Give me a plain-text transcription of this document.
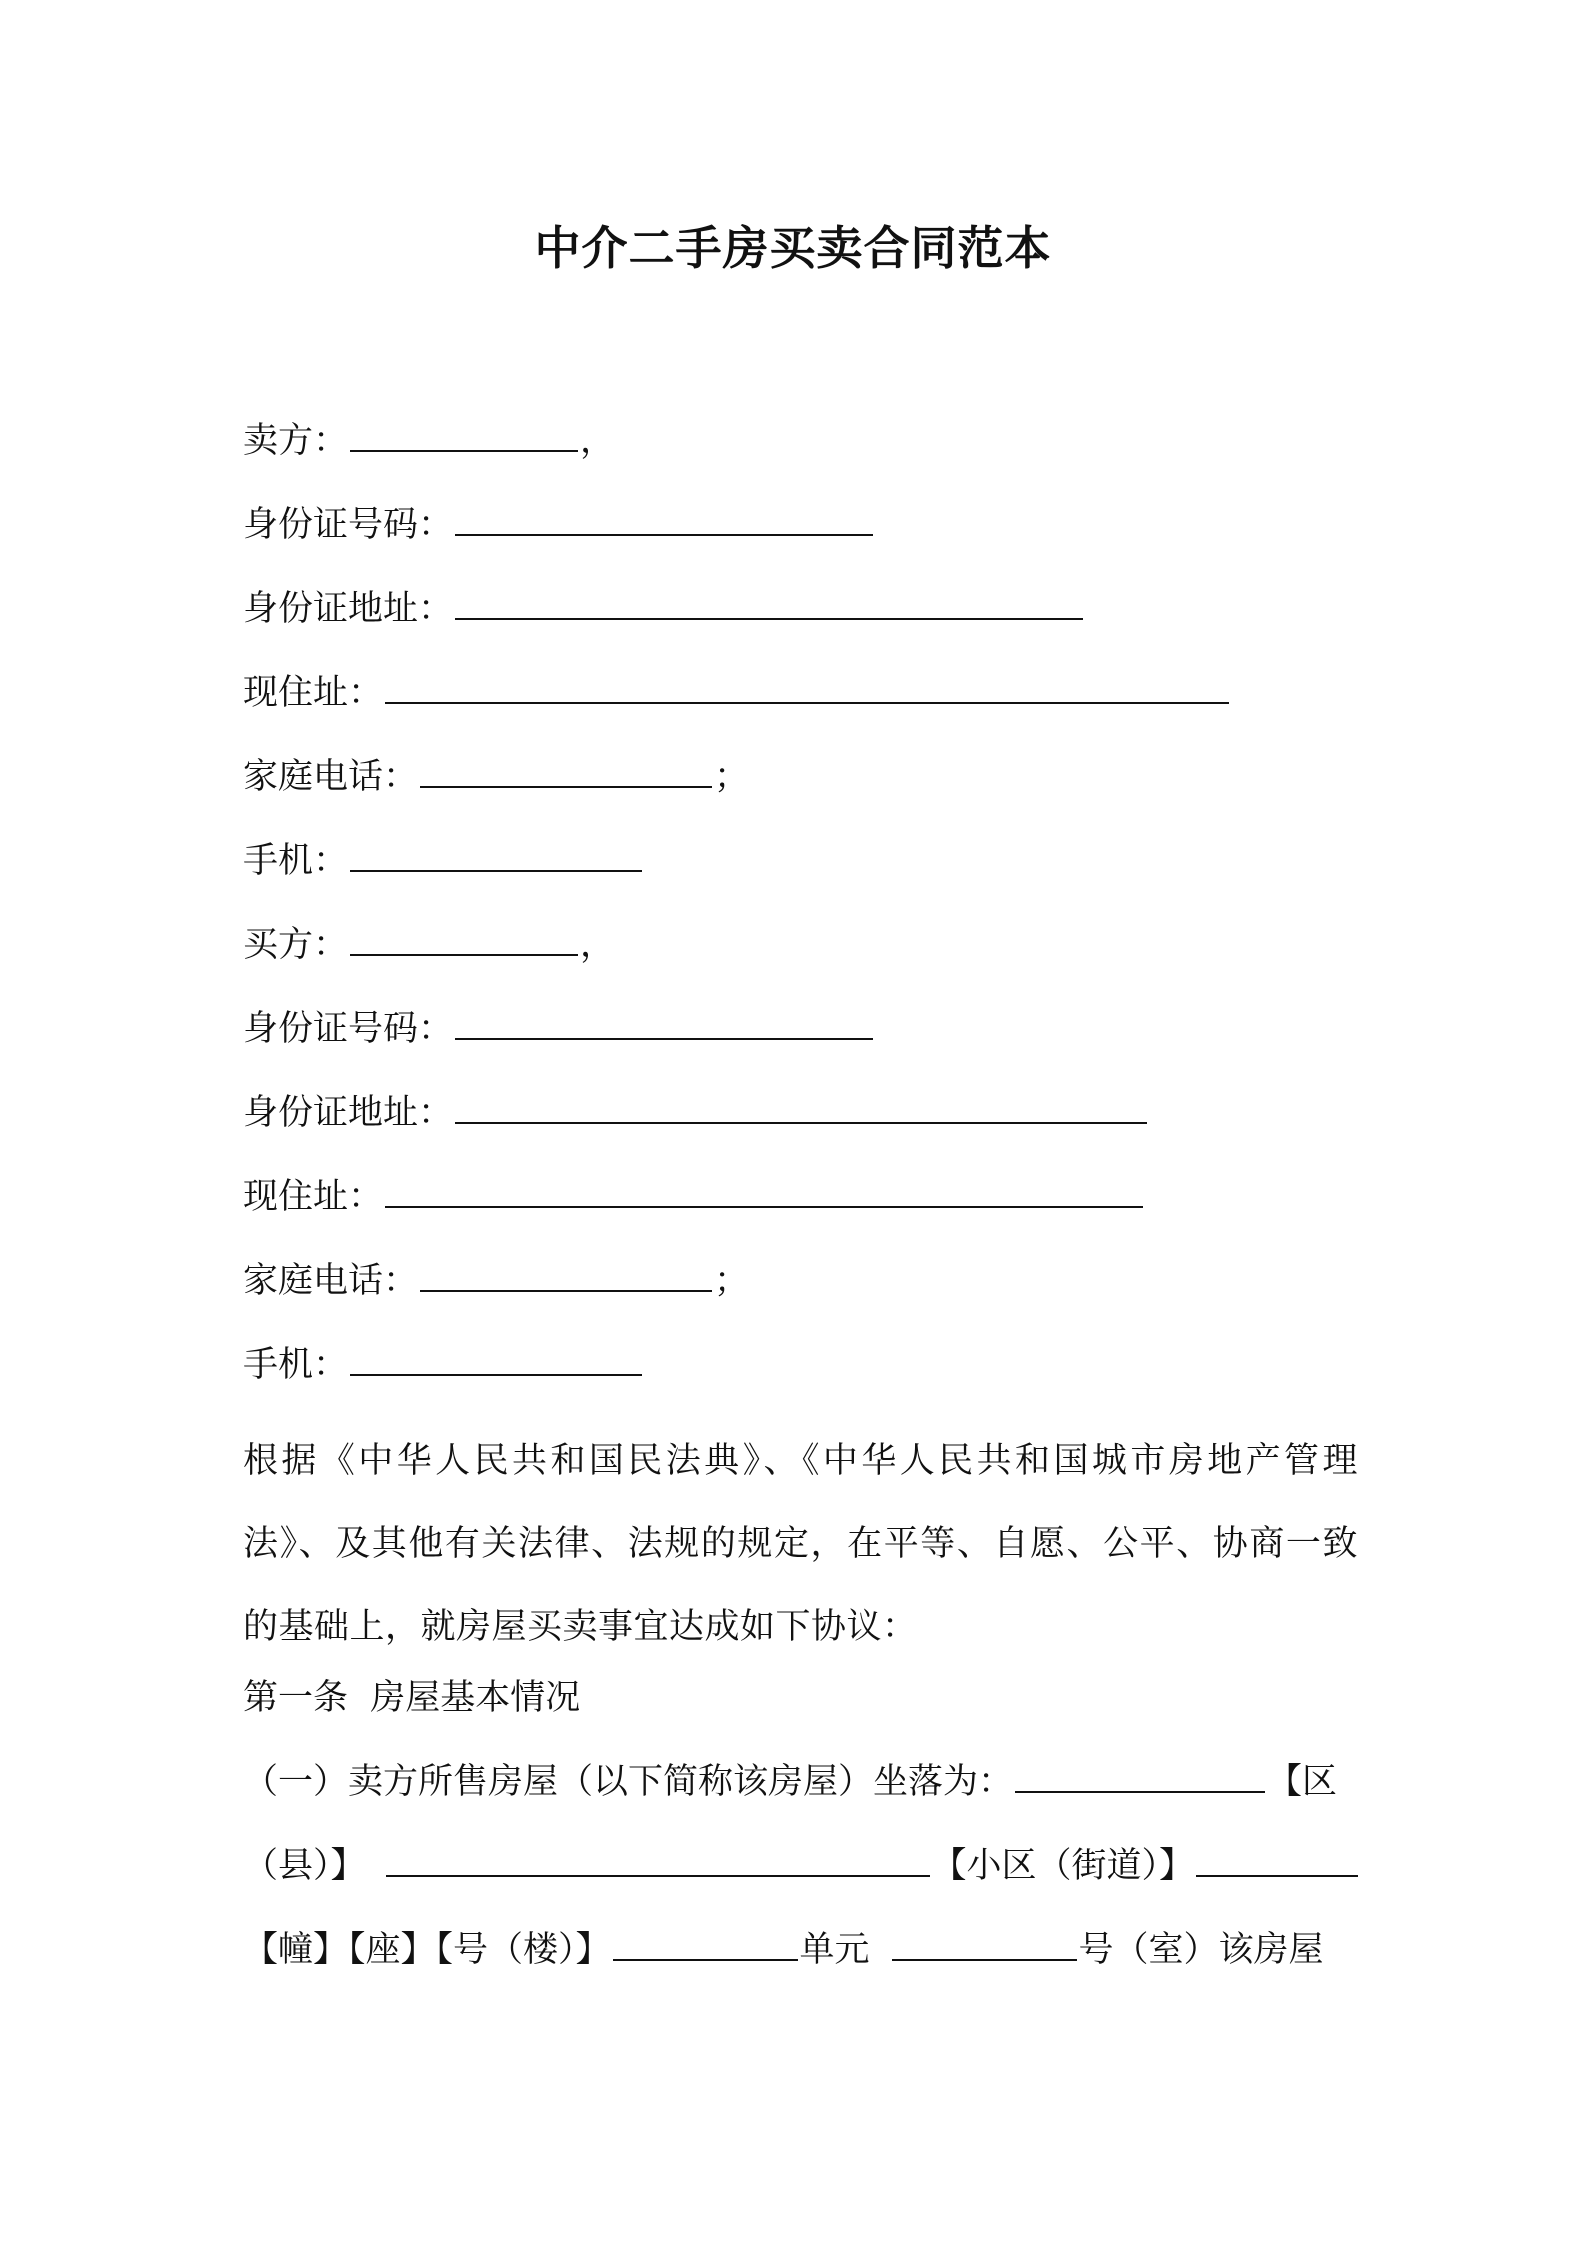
中介二手房买卖合同范本
卖方：	，
身份证号码：
身份证地址：
现住址：
家庭电话：	；
手机：
买方：	，
身份证号码：
身份证地址：
现住址：
家庭电话：	；
手机：
根据《中华人民共和国民法典》、《中华人民共和国城市房地产管理法》、及其他有关法律、法规的规定，在平等、自愿、公平、协商一致的基础上，就房屋买卖事宜达成如下协议：
第一条  房屋基本情况
（一）卖方所售房屋（以下简称该房屋）坐落为：	【区
（县）】	【小区（街道）】
【幢】【座】【号（楼）】	单元	号（室）该房屋
